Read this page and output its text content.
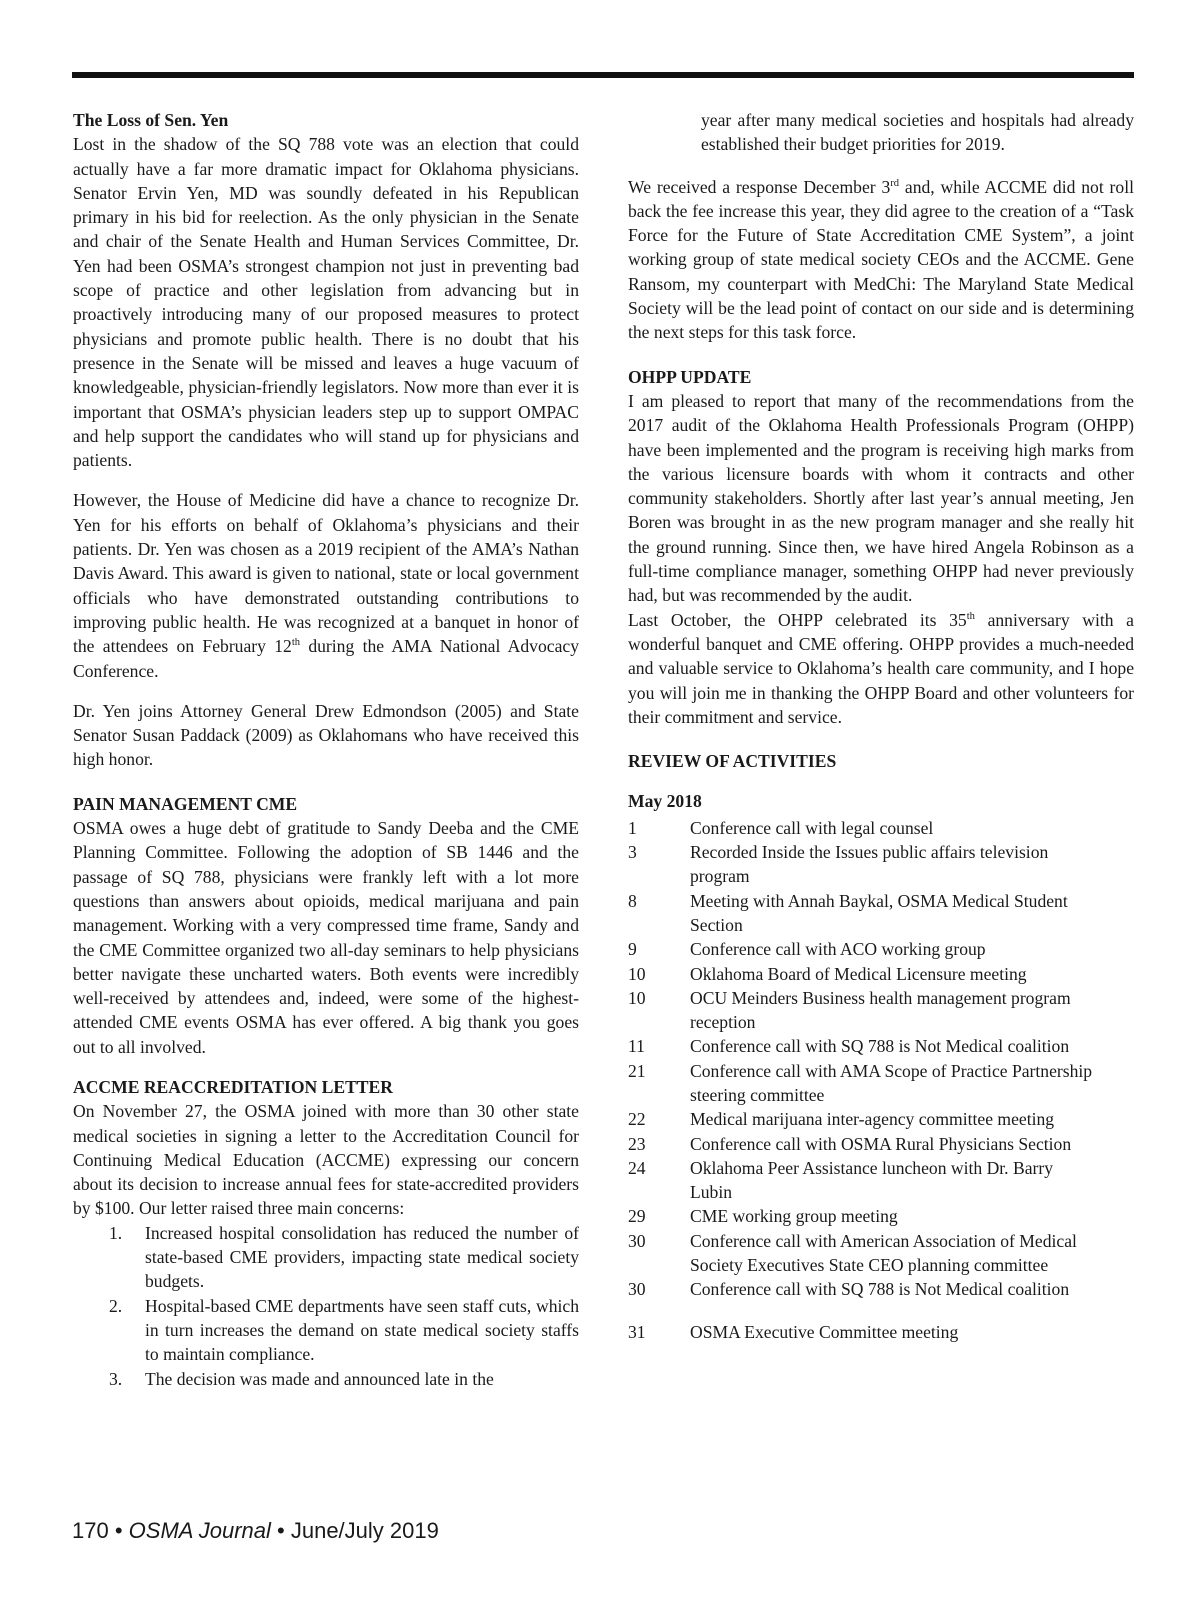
The Loss of Sen. Yen

Lost in the shadow of the SQ 788 vote was an election that could actually have a far more dramatic impact for Oklahoma physicians. Senator Ervin Yen, MD was soundly defeated in his Republican primary in his bid for reelection. As the only physician in the Senate and chair of the Senate Health and Human Services Committee, Dr. Yen had been OSMA’s strongest champion not just in preventing bad scope of practice and other legislation from advancing but in proactively introducing many of our proposed measures to protect physicians and promote public health. There is no doubt that his presence in the Senate will be missed and leaves a huge vacuum of knowledgeable, physician-friendly legislators. Now more than ever it is important that OSMA’s physician leaders step up to support OMPAC and help support the candidates who will stand up for physicians and patients.

However, the House of Medicine did have a chance to recognize Dr. Yen for his efforts on behalf of Oklahoma’s physicians and their patients. Dr. Yen was chosen as a 2019 recipient of the AMA’s Nathan Davis Award. This award is given to national, state or local government officials who have demonstrated outstanding contributions to improving public health. He was recognized at a banquet in honor of the attendees on February 12th during the AMA National Advocacy Conference.

Dr. Yen joins Attorney General Drew Edmondson (2005) and State Senator Susan Paddack (2009) as Oklahomans who have received this high honor.

PAIN MANAGEMENT CME

OSMA owes a huge debt of gratitude to Sandy Deeba and the CME Planning Committee. Following the adoption of SB 1446 and the passage of SQ 788, physicians were frankly left with a lot more questions than answers about opioids, medical marijuana and pain management. Working with a very compressed time frame, Sandy and the CME Committee organized two all-day seminars to help physicians better navigate these uncharted waters. Both events were incredibly well-received by attendees and, indeed, were some of the highest-attended CME events OSMA has ever offered. A big thank you goes out to all involved.

ACCME REACCREDITATION LETTER

On November 27, the OSMA joined with more than 30 other state medical societies in signing a letter to the Accreditation Council for Continuing Medical Education (ACCME) expressing our concern about its decision to increase annual fees for state-accredited providers by $100. Our letter raised three main concerns:

1.	Increased hospital consolidation has reduced the number of state-based CME providers, impacting state medical society budgets.
2.	Hospital-based CME departments have seen staff cuts, which in turn increases the demand on state medical society staffs to maintain compliance.
3.	The decision was made and announced late in the

year after many medical societies and hospitals had already established their budget priorities for 2019.

We received a response December 3rd and, while ACCME did not roll back the fee increase this year, they did agree to the creation of a “Task Force for the Future of State Accreditation CME System”, a joint working group of state medical society CEOs and the ACCME. Gene Ransom, my counterpart with MedChi: The Maryland State Medical Society will be the lead point of contact on our side and is determining the next steps for this task force.

OHPP UPDATE

I am pleased to report that many of the recommendations from the 2017 audit of the Oklahoma Health Professionals Program (OHPP) have been implemented and the program is receiving high marks from the various licensure boards with whom it contracts and other community stakeholders. Shortly after last year’s annual meeting, Jen Boren was brought in as the new program manager and she really hit the ground running. Since then, we have hired Angela Robinson as a full-time compliance manager, something OHPP had never previously had, but was recommended by the audit.

Last October, the OHPP celebrated its 35th anniversary with a wonderful banquet and CME offering. OHPP provides a much-needed and valuable service to Oklahoma’s health care community, and I hope you will join me in thanking the OHPP Board and other volunteers for their commitment and service.

REVIEW OF ACTIVITIES
May 2018
1	Conference call with legal counsel
3	Recorded Inside the Issues public affairs television program
8	Meeting with Annah Baykal, OSMA Medical Student Section
9	Conference call with ACO working group
10	Oklahoma Board of Medical Licensure meeting
10	OCU Meinders Business health management program reception
11	Conference call with SQ 788 is Not Medical coalition
21	Conference call with AMA Scope of Practice Partnership steering committee
22	Medical marijuana inter-agency committee meeting
23	Conference call with OSMA Rural Physicians Section
24	Oklahoma Peer Assistance luncheon with Dr. Barry Lubin
29	CME working group meeting
30	Conference call with American Association of Medical Society Executives State CEO planning committee
30	Conference call with SQ 788 is Not Medical coalition
31	OSMA Executive Committee meeting
170 • OSMA Journal • June/July 2019
